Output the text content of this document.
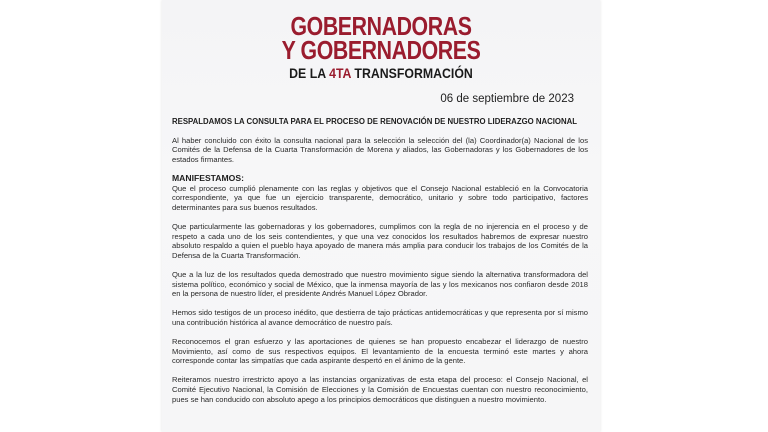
GOBERNADORAS
Y GOBERNADORES
DE LA 4TA TRANSFORMACIÓN
06 de septiembre de 2023

RESPALDAMOS LA CONSULTA PARA EL PROCESO DE RENOVACIÓN DE NUESTRO LIDERAZGO NACIONAL

Al haber concluido con éxito la consulta nacional para la selección la selección del (la) Coordinador(a) Nacional de los Comités de la Defensa de la Cuarta Transformación de Morena y aliados, las Gobernadoras y los Gobernadores de los estados firmantes.

MANIFESTAMOS:
Que el proceso cumplió plenamente con las reglas y objetivos que el Consejo Nacional estableció en la Convocatoria correspondiente, ya que fue un ejercicio transparente, democrático, unitario y sobre todo participativo, factores determinantes para sus buenos resultados.

Que particularmente las gobernadoras y los gobernadores, cumplimos con la regla de no injerencia en el proceso y de respeto a cada uno de los seis contendientes, y que una vez conocidos los resultados habremos de expresar nuestro absoluto respaldo a quien el pueblo haya apoyado de manera más amplia para conducir los trabajos de los Comités de la Defensa de la Cuarta Transformación.

Que a la luz de los resultados queda demostrado que nuestro movimiento sigue siendo la alternativa transformadora del sistema político, económico y social de México, que la inmensa mayoría de las y los mexicanos nos confiaron desde 2018 en la persona de nuestro líder, el presidente Andrés Manuel López Obrador.

Hemos sido testigos de un proceso inédito, que destierra de tajo prácticas antidemocráticas y que representa por sí mismo una contribución histórica al avance democrático de nuestro país.

Reconocemos el gran esfuerzo y las aportaciones de quienes se han propuesto encabezar el liderazgo de nuestro Movimiento, así como de sus respectivos equipos. El levantamiento de la encuesta terminó este martes y ahora corresponde contar las simpatías que cada aspirante despertó en el ánimo de la gente.

Reiteramos nuestro irrestricto apoyo a las instancias organizativas de esta etapa del proceso: el Consejo Nacional, el Comité Ejecutivo Nacional, la Comisión de Elecciones y la Comisión de Encuestas cuentan con nuestro reconocimiento, pues se han conducido con absoluto apego a los principios democráticos que distinguen a nuestro movimiento.
